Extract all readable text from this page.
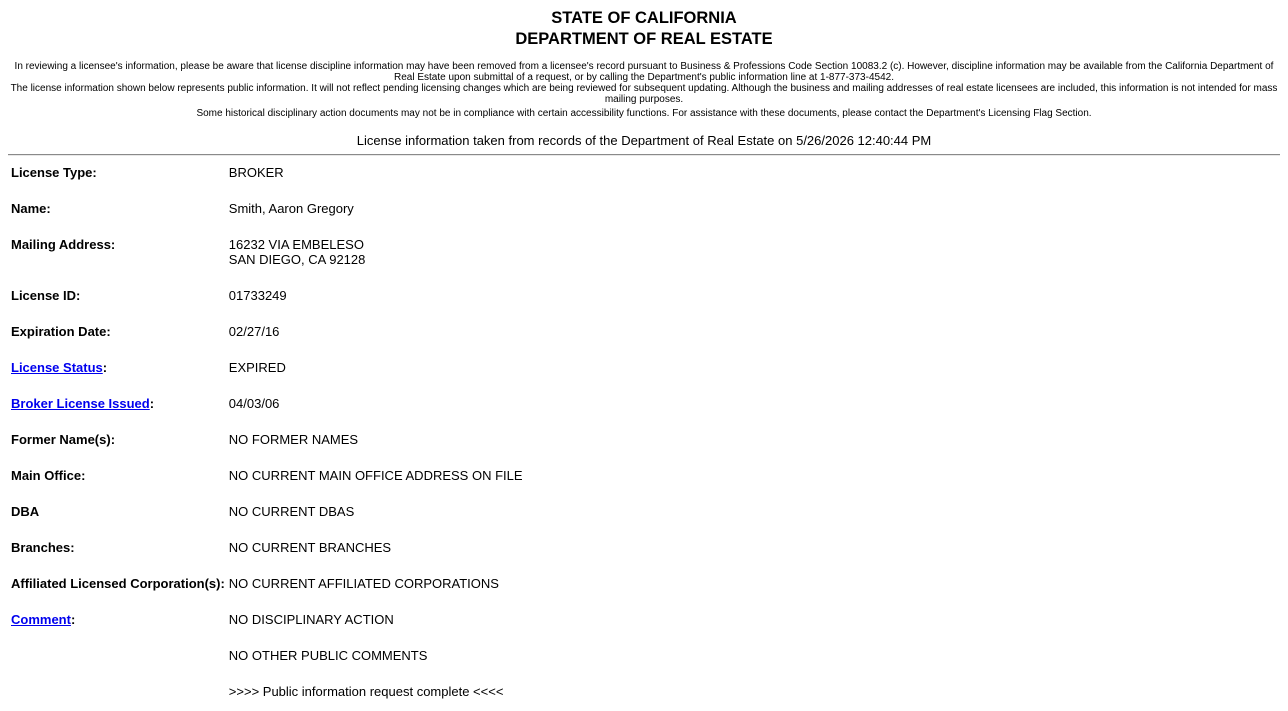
STATE OF CALIFORNIA
DEPARTMENT OF REAL ESTATE
In reviewing a licensee's information, please be aware that license discipline information may have been removed from a licensee's record pursuant to Business & Professions Code Section 10083.2 (c). However, discipline information may be available from the California Department of Real Estate upon submittal of a request, or by calling the Department's public information line at 1-877-373-4542.
The license information shown below represents public information. It will not reflect pending licensing changes which are being reviewed for subsequent updating. Although the business and mailing addresses of real estate licensees are included, this information is not intended for mass mailing purposes.
Some historical disciplinary action documents may not be in compliance with certain accessibility functions. For assistance with these documents, please contact the Department's Licensing Flag Section.
License information taken from records of the Department of Real Estate on 5/26/2026 12:40:44 PM
License Type:	BROKER
Name:	Smith, Aaron Gregory
Mailing Address:	16232 VIA EMBELESO
SAN DIEGO, CA 92128

License ID:	01733249
Expiration Date:	02/27/16
License Status:	EXPIRED
Broker License Issued:	04/03/06
Former Name(s):	NO FORMER NAMES
Main Office:	NO CURRENT MAIN OFFICE ADDRESS ON FILE
DBA	NO CURRENT DBAS
Branches:	NO CURRENT BRANCHES
Affiliated Licensed Corporation(s):	NO CURRENT AFFILIATED CORPORATIONS
Comment:	NO DISCIPLINARY ACTION
	NO OTHER PUBLIC COMMENTS
	>>>> Public information request complete <<<<
